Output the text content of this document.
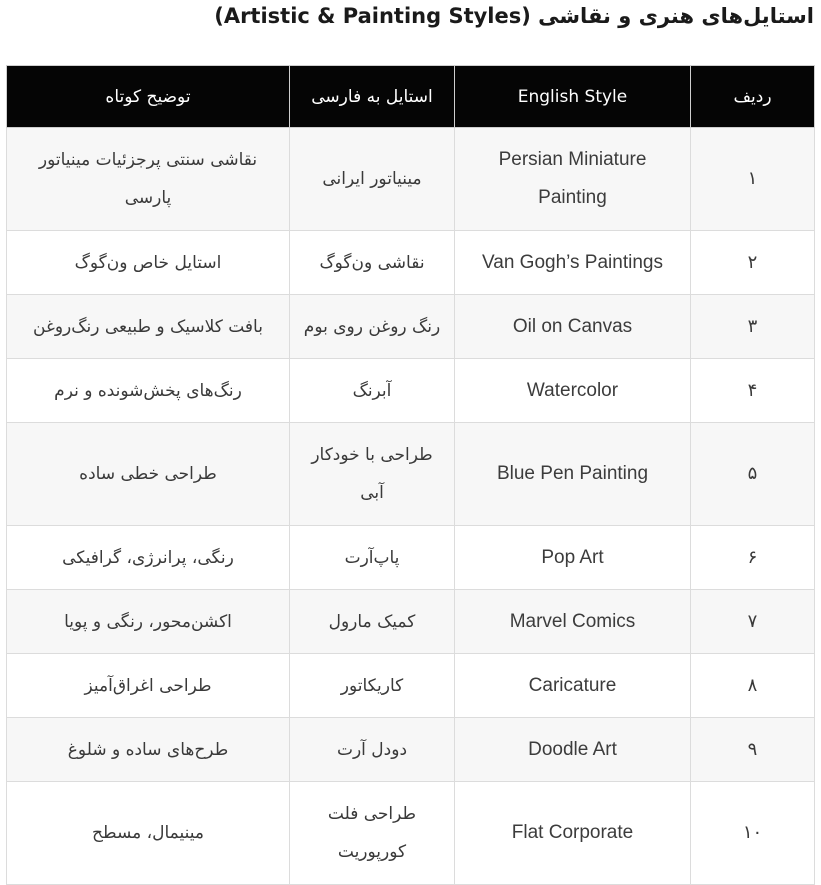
استایل‌های هنری و نقاشی (Artistic & Painting Styles)
ردیف	English Style	استایل به فارسی	توضیح کوتاه
۱	Persian Miniature Painting	مینیاتور ایرانی	نقاشی سنتی پرجزئیات مینیاتور پارسی
۲	Van Gogh’s Paintings	نقاشی ون‌گوگ	استایل خاص ون‌گوگ
۳	Oil on Canvas	رنگ روغن روی بوم	بافت کلاسیک و طبیعی رنگ‌روغن
۴	Watercolor	آبرنگ	رنگ‌های پخش‌شونده و نرم
۵	Blue Pen Painting	طراحی با خودکار آبی	طراحی خطی ساده
۶	Pop Art	پاپ‌آرت	رنگی، پرانرژی، گرافیکی
۷	Marvel Comics	کمیک مارول	اکشن‌محور، رنگی و پویا
۸	Caricature	کاریکاتور	طراحی اغراق‌آمیز
۹	Doodle Art	دودل آرت	طرح‌های ساده و شلوغ
۱۰	Flat Corporate	طراحی فلت کورپوریت	مینیمال، مسطح
